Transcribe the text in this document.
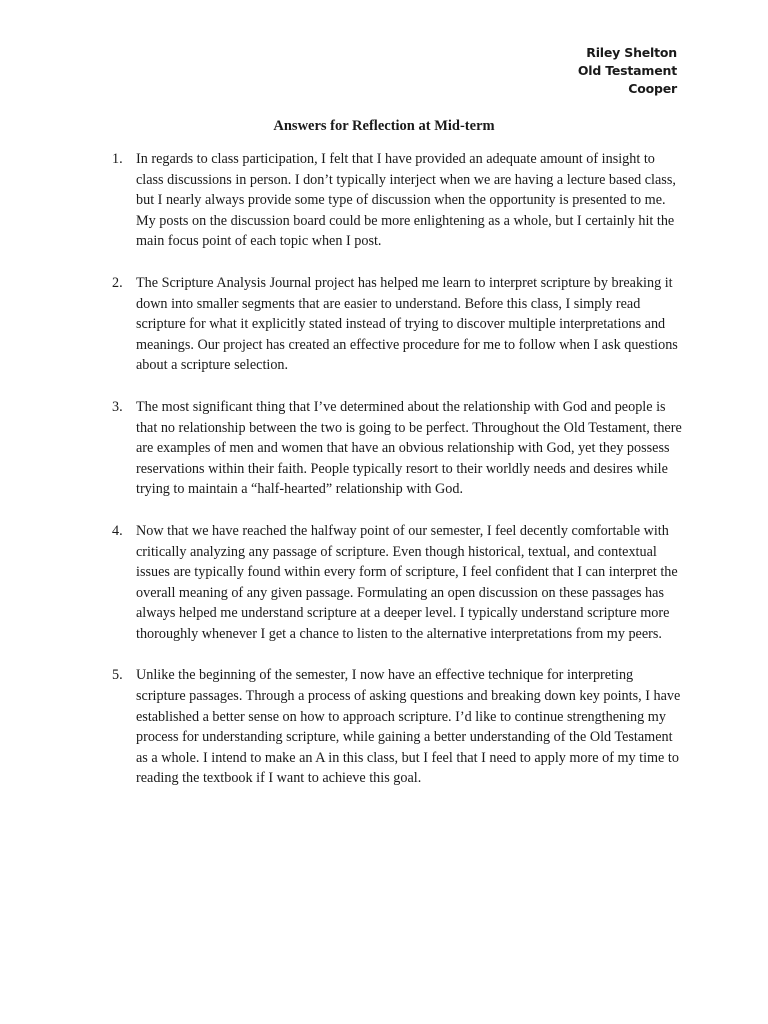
Riley Shelton
Old Testament
Cooper
Answers for Reflection at Mid-term
1. In regards to class participation, I felt that I have provided an adequate amount of insight to class discussions in person. I don’t typically interject when we are having a lecture based class, but I nearly always provide some type of discussion when the opportunity is presented to me. My posts on the discussion board could be more enlightening as a whole, but I certainly hit the main focus point of each topic when I post.
2. The Scripture Analysis Journal project has helped me learn to interpret scripture by breaking it down into smaller segments that are easier to understand. Before this class, I simply read scripture for what it explicitly stated instead of trying to discover multiple interpretations and meanings. Our project has created an effective procedure for me to follow when I ask questions about a scripture selection.
3. The most significant thing that I’ve determined about the relationship with God and people is that no relationship between the two is going to be perfect. Throughout the Old Testament, there are examples of men and women that have an obvious relationship with God, yet they possess reservations within their faith. People typically resort to their worldly needs and desires while trying to maintain a “half-hearted” relationship with God.
4. Now that we have reached the halfway point of our semester, I feel decently comfortable with critically analyzing any passage of scripture. Even though historical, textual, and contextual issues are typically found within every form of scripture, I feel confident that I can interpret the overall meaning of any given passage. Formulating an open discussion on these passages has always helped me understand scripture at a deeper level. I typically understand scripture more thoroughly whenever I get a chance to listen to the alternative interpretations from my peers.
5. Unlike the beginning of the semester, I now have an effective technique for interpreting scripture passages. Through a process of asking questions and breaking down key points, I have established a better sense on how to approach scripture. I’d like to continue strengthening my process for understanding scripture, while gaining a better understanding of the Old Testament as a whole. I intend to make an A in this class, but I feel that I need to apply more of my time to reading the textbook if I want to achieve this goal.
